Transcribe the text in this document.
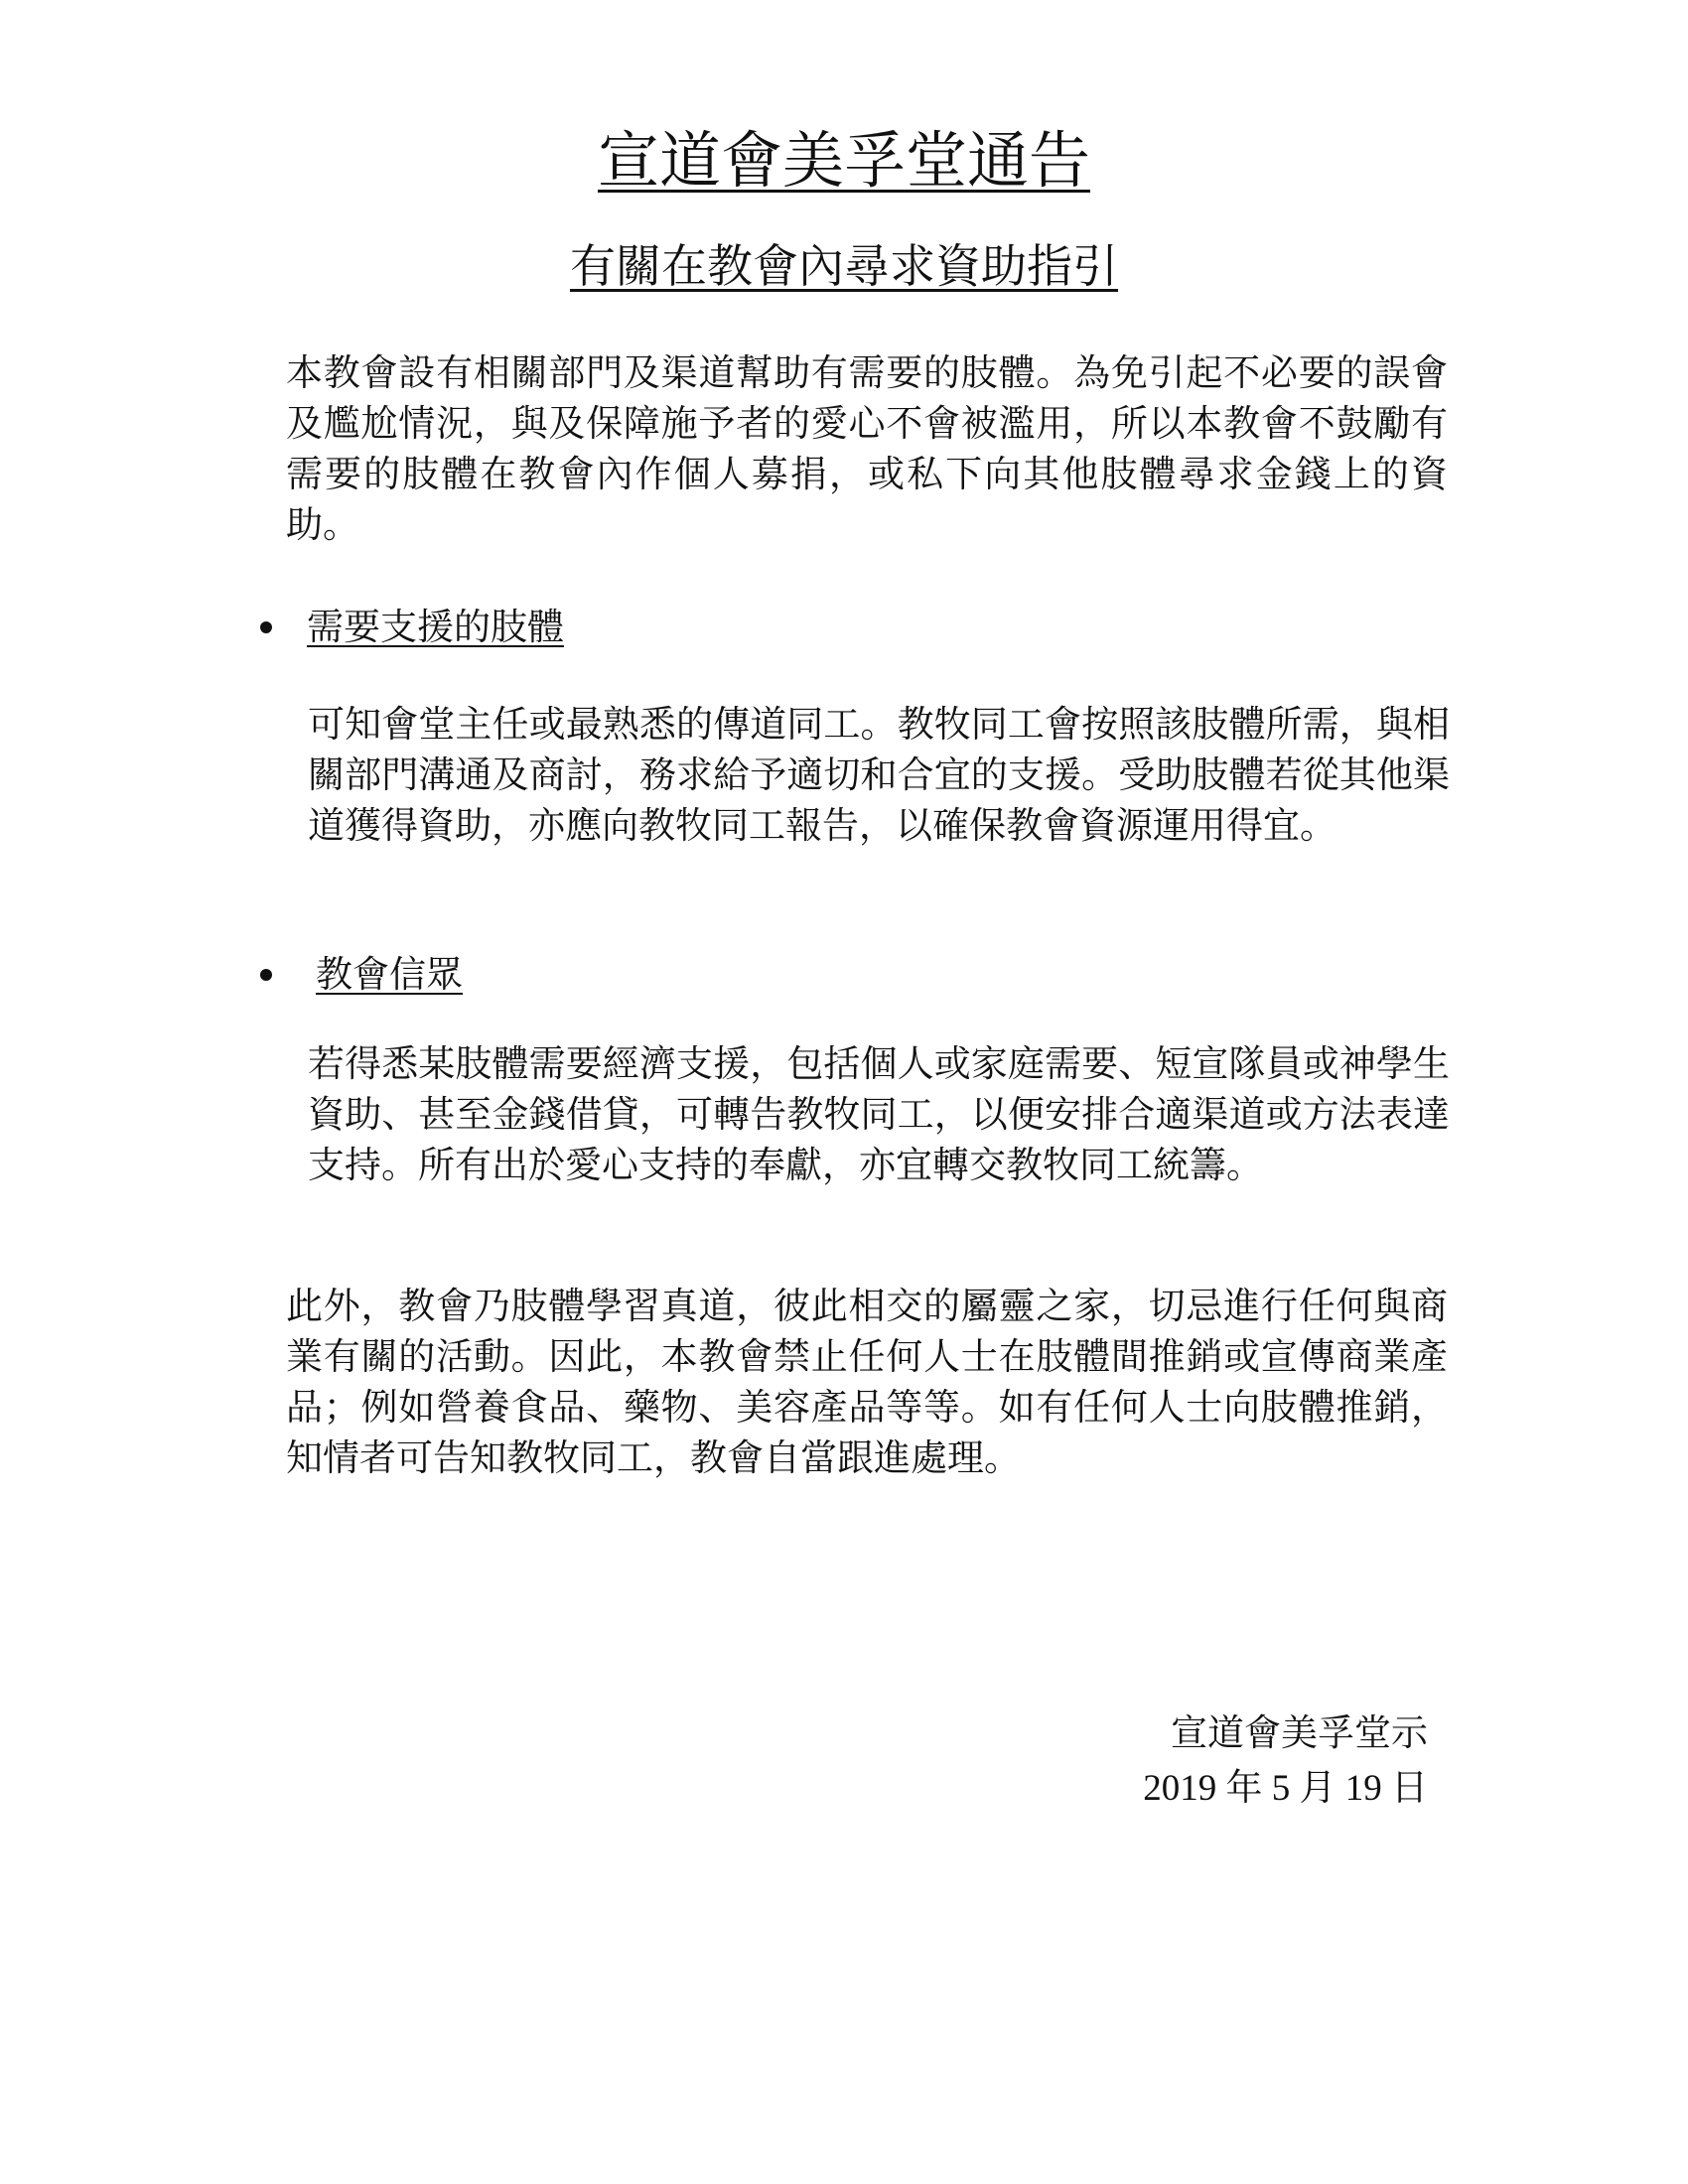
宣道會美孚堂通告
有關在教會內尋求資助指引

本教會設有相關部門及渠道幫助有需要的肢體。為免引起不必要的誤會及尷尬情況，與及保障施予者的愛心不會被濫用，所以本教會不鼓勵有需要的肢體在教會內作個人募捐，或私下向其他肢體尋求金錢上的資助。

需要支援的肢體

可知會堂主任或最熟悉的傳道同工。教牧同工會按照該肢體所需，與相關部門溝通及商討，務求給予適切和合宜的支援。受助肢體若從其他渠道獲得資助，亦應向教牧同工報告，以確保教會資源運用得宜。

教會信眾

若得悉某肢體需要經濟支援，包括個人或家庭需要、短宣隊員或神學生資助、甚至金錢借貸，可轉告教牧同工，以便安排合適渠道或方法表達支持。所有出於愛心支持的奉獻，亦宜轉交教牧同工統籌。

此外，教會乃肢體學習真道，彼此相交的屬靈之家，切忌進行任何與商業有關的活動。因此，本教會禁止任何人士在肢體間推銷或宣傳商業產品；例如營養食品、藥物、美容產品等等。如有任何人士向肢體推銷，知情者可告知教牧同工，教會自當跟進處理。

宣道會美孚堂示
2019 年 5 月 19 日
